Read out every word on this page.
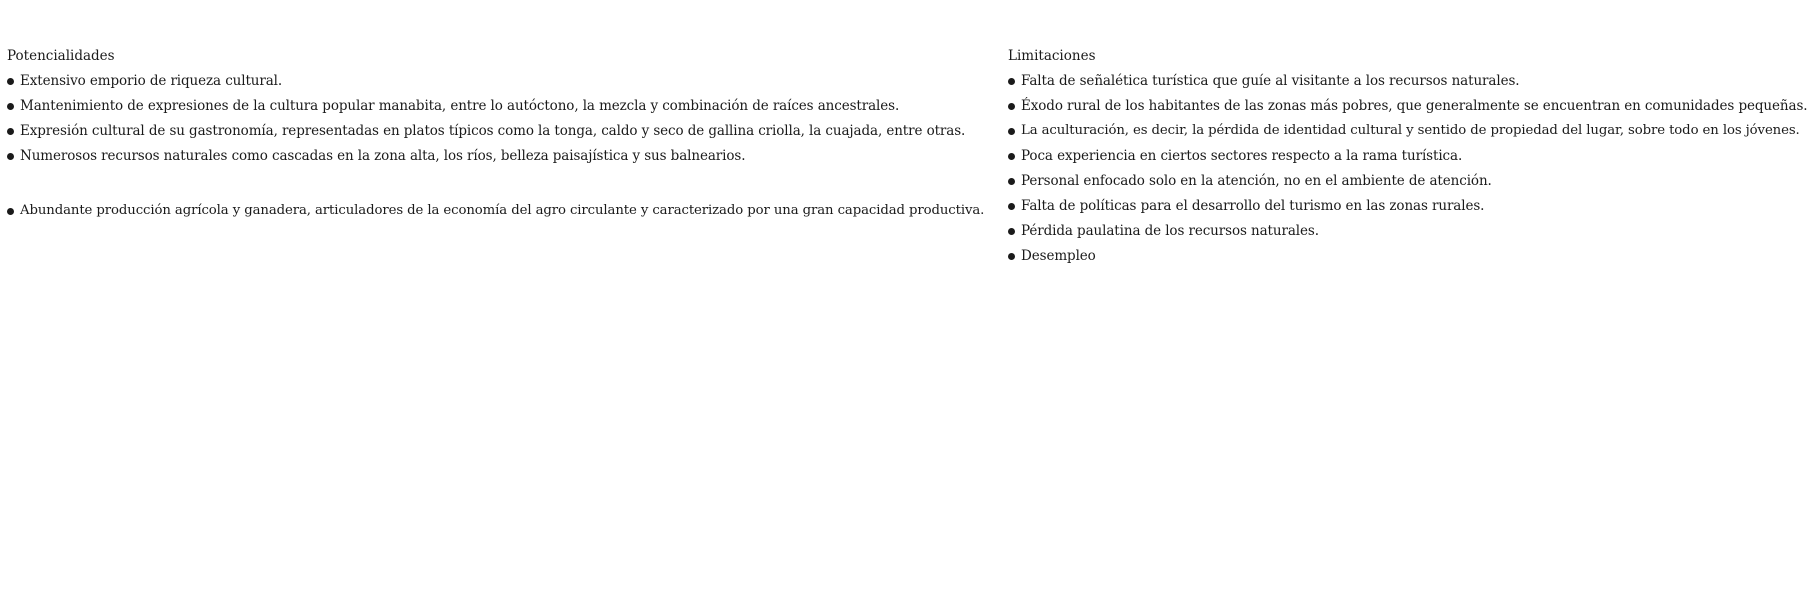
Potencialidades
Extensivo emporio de riqueza cultural.
Mantenimiento de expresiones de la cultura popular manabita, entre lo autóctono, la mezcla y combinación de raíces ancestrales.
Expresión cultural de su gastronomía, representadas en platos típicos como la tonga, caldo y seco de gallina criolla, la cuajada, entre otras.
Numerosos recursos naturales como cascadas en la zona alta, los ríos, belleza paisajística y sus balnearios.
Abundante producción agrícola y ganadera, articuladores de la economía del agro circulante y caracterizado por una gran capacidad productiva.
Limitaciones
Falta de señalética turística que guíe al visitante a los recursos naturales.
Éxodo rural de los habitantes de las zonas más pobres, que generalmente se encuentran en comunidades pequeñas.
La aculturación, es decir, la pérdida de identidad cultural y sentido de propiedad del lugar, sobre todo en los jóvenes.
Poca experiencia en ciertos sectores respecto a la rama turística.
Personal enfocado solo en la atención, no en el ambiente de atención.
Falta de políticas para el desarrollo del turismo en las zonas rurales.
Pérdida paulatina de los recursos naturales.
Desempleo
